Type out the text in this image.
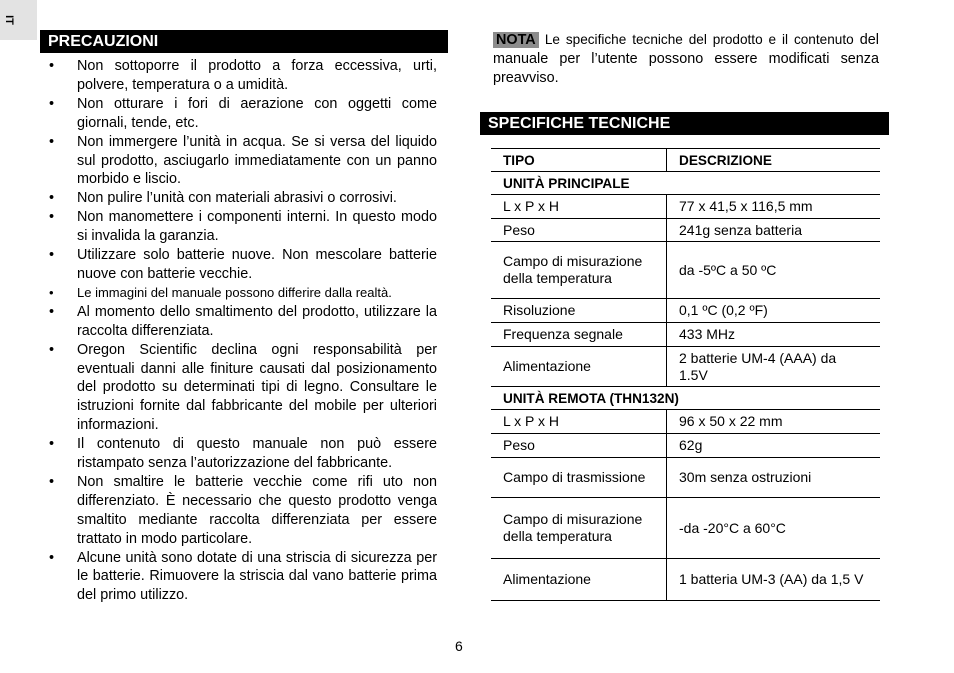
IT
PRECAUZIONI
• Non sottoporre il prodotto a forza eccessiva, urti, polvere, temperatura o a umidità.
• Non otturare i fori di aerazione con oggetti come giornali, tende, etc.
• Non immergere l’unità in acqua. Se si versa del liquido sul prodotto, asciugarlo immediatamente con un panno morbido e liscio.
• Non pulire l’unità con materiali abrasivi o corrosivi.
• Non manomettere i componenti interni. In questo modo si invalida la garanzia.
• Utilizzare solo batterie nuove. Non mescolare batterie nuove con batterie vecchie.
• Le immagini del manuale possono differire dalla realtà.
• Al momento dello smaltimento del prodotto, utilizzare la raccolta differenziata.
• Oregon Scientific declina ogni responsabilità per eventuali danni alle finiture causati dal posizionamento del prodotto su determinati tipi di legno. Consultare le istruzioni fornite dal fabbricante del mobile per ulteriori informazioni.
• Il contenuto di questo manuale non può essere ristampato senza l’autorizzazione del fabbricante.
• Non smaltire le batterie vecchie come rifi uto non differenziato. È necessario che questo prodotto venga smaltito mediante raccolta differenziata per essere trattato in modo particolare.
• Alcune unità sono dotate di una striscia di sicurezza per le batterie. Rimuovere la striscia dal vano batterie prima del primo utilizzo.
NOTA Le specifiche tecniche del prodotto e il contenuto del manuale per l’utente possono essere modificati senza preavviso.
SPECIFICHE TECNICHE
TIPO	DESCRIZIONE
UNITÀ PRINCIPALE	
L x P x H	77 x 41,5 x 116,5 mm
Peso	241g senza batteria
Campo di misurazione della temperatura	da -5ºC a 50 ºC
Risoluzione	0,1 ºC (0,2 ºF)
Frequenza segnale	433 MHz
Alimentazione	2 batterie UM-4 (AAA) da 1.5V
UNITÀ REMOTA (THN132N)	
L x P x H	96 x 50 x 22 mm
Peso	62g
Campo di trasmissione	30m senza ostruzioni
Campo di misurazione della temperatura	-da -20°C a 60°C
Alimentazione	1 batteria UM-3 (AA) da 1,5 V
6
